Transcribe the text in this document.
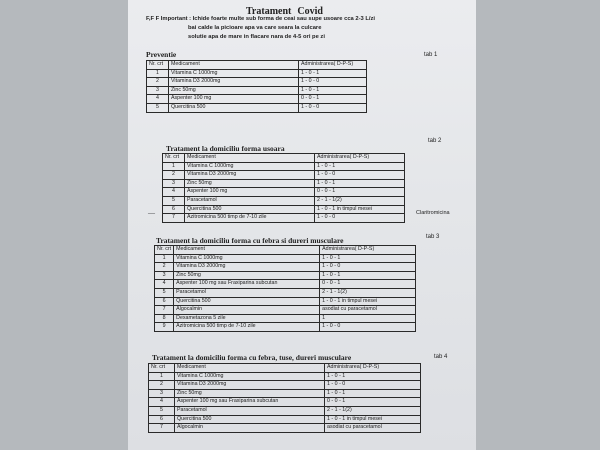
Tratament Covid
F,F F Important : Ichide foarte multe sub forma de ceai sau supe usoare cca 2-3 L/zi
bai calde la picioare apa va care seara la culcare
solutie apa de mare in flacare nara de 4-5 ori pe zi
Preventie	tab 1
Nr. crt	Medicament	Administrarea( D-P-S)
1	Vitamina C 1000mg	1 - 0 - 1
2	Vitamina D3 2000mg	1 - 0 - 0
3	Zinc 50mg	1 - 0 - 1
4	Aspenter 100 mg	0 - 0 - 1
5	Quercitina 500	1 - 0 - 0
Tratament la domiciliu forma usoara
tab 2
Nr. crt	Medicament	Administrarea( D-P-S)
1	Vitamina C 1000mg	1 - 0 - 1
2	Vitamina D3 2000mg	1 - 0 - 0
3	Zinc 50mg	1 - 0 - 1
4	Aspenter 100 mg	0 - 0 - 1
5	Paracetamol	2 - 1 - 1(2)
6	Quercitina 500	1 - 0 - 1 in timpul mesei
7	Azitromicina 500 timp de 7-10 zile	1 - 0 - 0
—	Claritromicina
Tratament la domiciliu forma cu febra si dureri musculare	tab 3
Nr. crt	Medicament	Administrarea( D-P-S)
1	Vitamina C 1000mg	1 - 0 - 1
2	Vitamina D3 2000mg	1 - 0 - 0
3	Zinc 50mg	1 - 0 - 1
4	Aspenter 100 mg sau Fraxiparina subcutan	0 - 0 - 1
5	Paracetamol	2 - 1 - 1(2)
6	Quercitina 500	1 - 0 - 1 in timpul mesei
7	Algocalmin	asodiat cu paracetamol
8	Dexametazona 5 zile	1
9	Azitromicina 500 timp de 7-10 zile	1 - 0 - 0
Tratament la domiciliu forma cu febra, tuse, dureri musculare	tab 4
Nr. crt	Medicament	Administrarea( D-P-S)
1	Vitamina C 1000mg	1 - 0 - 1
2	Vitamina D3 2000mg	1 - 0 - 0
3	Zinc 50mg	1 - 0 - 1
4	Aspenter 100 mg sau Fraxiparina subcutan	0 - 0 - 1
5	Paracetamol	2 - 1 - 1(2)
6	Quercitina 500	1 - 0 - 1 in timpul mesei
7	Algocalmin	asodiat cu paracetamol
